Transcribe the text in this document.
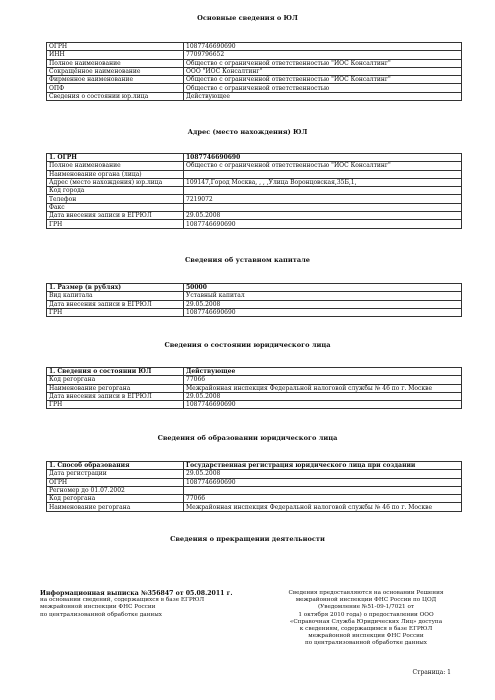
Основные сведения о ЮЛ
ОГРН	1087746690690
ИНН	7709796652
Полное наименование	Общество с ограниченной ответственностью "ИОС Консалтинг"
Сокращённое наименование	ООО "ИОС Консалтинг"
Фирменное наименование	Общество с ограниченной ответственностью "ИОС Консалтинг"
ОПФ	Общество с ограниченной ответственностью
Сведения о состоянии юр.лица	Действующее
Адрес (место нахождения) ЮЛ
1. ОГРН	1087746690690
Полное наименование	Общество с ограниченной ответственностью "ИОС Консалтинг"
Наименование органа (лица)	
Адрес (место нахождения) юр.лица	109147,Город Москва, , , ,Улица Воронцовская,35Б,1,
Код города	
Телефон	7219072
Факс	
Дата внесения записи в ЕГРЮЛ	29.05.2008
ГРН	1087746690690
Сведения об уставном капитале
1. Размер (в рублях)	50000
Вид капитала	Уставный капитал
Дата внесения записи в ЕГРЮЛ	29.05.2008
ГРН	1087746690690
Сведения о состоянии юридического лица
1. Сведения о состоянии ЮЛ	Действующее
Код регоргана	77066
Наименование регоргана	Межрайонная инспекция Федеральной налоговой службы № 46 по г. Москве
Дата внесения записи в ЕГРЮЛ	29.05.2008
ГРН	1087746690690
Сведения об образовании юридического лица
1. Способ образования	Государственная регистрация юридического лица при создании
Дата регистрации	29.05.2008
ОГРН	1087746690690
Регномер до 01.07.2002	
Код регоргана	77066
Наименование регоргана	Межрайонная инспекция Федеральной налоговой службы № 46 по г. Москве
Сведения о прекращении деятельности
Информационная выписка №356847 от 05.08.2011 г.
на основании сведений, содержащихся в базе ЕГРЮЛ
межрайонной инспекции ФНС России
по централизованной обработке данных
Сведения предоставляются на основании Решения
межрайонной инспекции ФНС России по ЦОД
(Уведомление №51-09-1/7021 от
1 октября 2010 года) о предоставлении ООО
«Справочная Служба Юридических Лиц» доступа
к сведениям, содержащимся в базе ЕГРЮЛ
межрайонной инспекции ФНС России
по централизованной обработке данных
Страница: 1
